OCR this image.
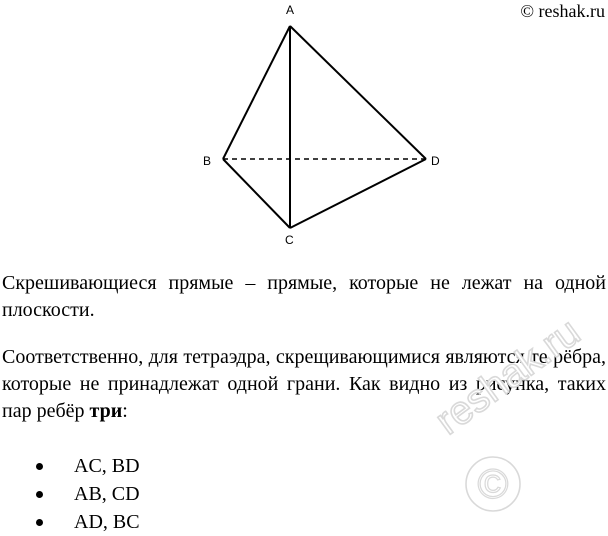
© reshak.ru
A
B
C
D
Скрешивающиеся прямые – прямые, которые не лежат на одной плоскости.
Соответственно, для тетраэдра, скрещивающимися являются те рёбра, которые не принадлежат одной грани. Как видно из рисунка, таких пар ребёр три:
AC, BD
AB, CD
AD, BC
reshak.ru
©
